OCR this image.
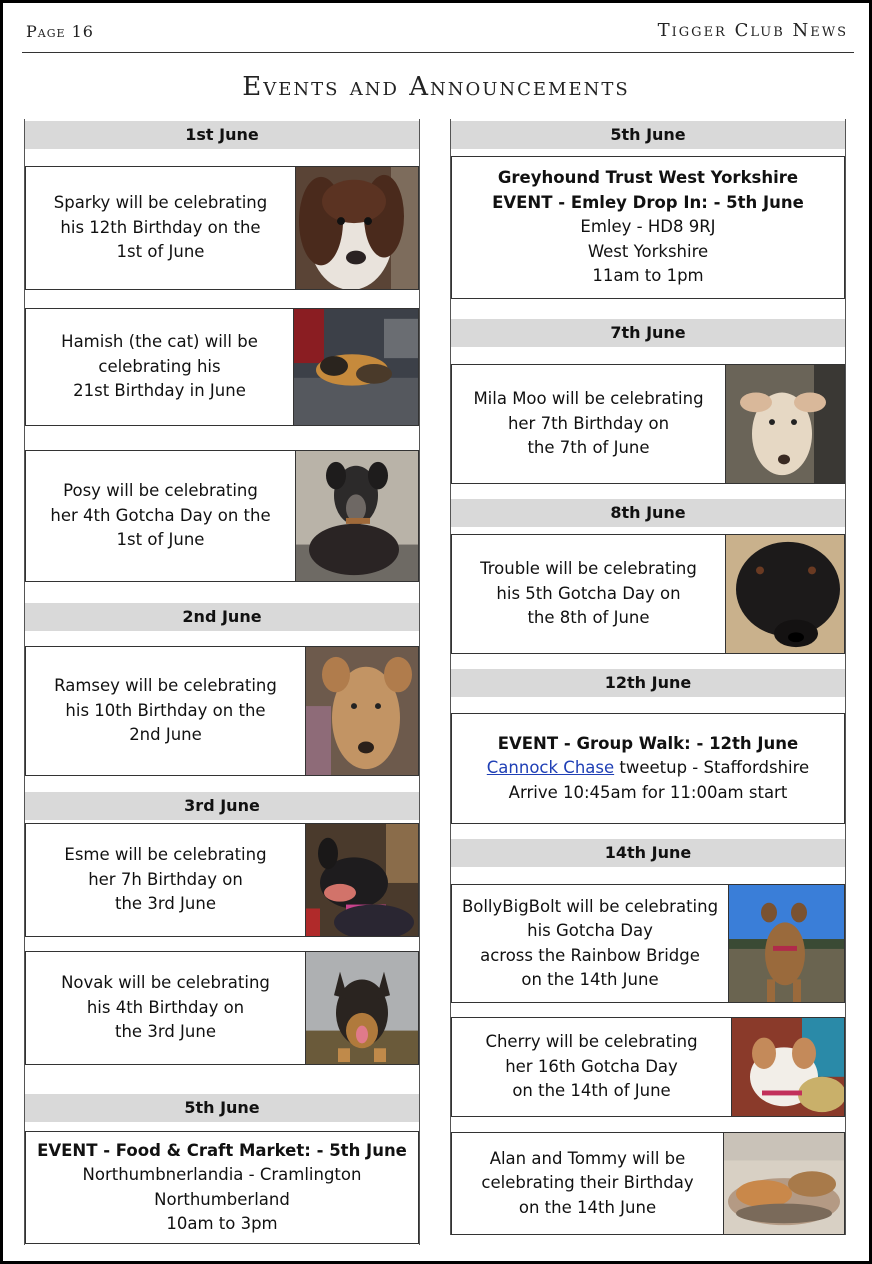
Page 16	Tigger Club News
Events and Announcements
1st June
Sparky will be celebrating
his 12th Birthday on the
1st of June
Hamish (the cat) will be
celebrating his
21st Birthday in June
Posy will be celebrating
her 4th Gotcha Day on the
1st of June
2nd June
Ramsey will be celebrating
his 10th Birthday on the
2nd June
3rd June
Esme will be celebrating
her 7h Birthday on
the 3rd June
Novak will be celebrating
his 4th Birthday on
the 3rd June
5th June
EVENT - Food & Craft Market: - 5th June
Northumbnerlandia - Cramlington
Northumberland
10am to 3pm
5th June
Greyhound Trust West Yorkshire
EVENT - Emley Drop In: - 5th June
Emley - HD8 9RJ
West Yorkshire
11am to 1pm
7th June
Mila Moo will be celebrating
her 7th Birthday on
the 7th of June
8th June
Trouble will be celebrating
his 5th Gotcha Day on
the 8th of June
12th June
EVENT - Group Walk: - 12th June
Cannock Chase tweetup - Staffordshire
Arrive 10:45am for 11:00am start
14th June
BollyBigBolt will be celebrating
his Gotcha Day
across the Rainbow Bridge
on the 14th June
Cherry will be celebrating
her 16th Gotcha Day
on the 14th of June
Alan and Tommy will be
celebrating their Birthday
on the 14th June
